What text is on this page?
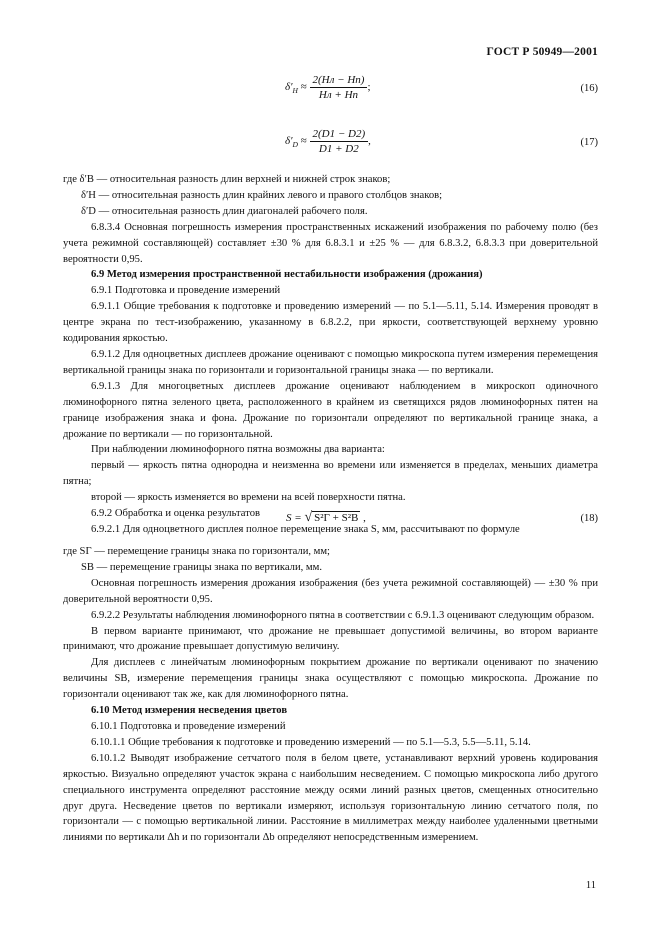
ГОСТ Р 50949—2001
$\delta'_H \approx \frac{2(Hл - Hп)}{Hл + Hп}$ ;	(16)
$\delta'_D \approx \frac{2(D1 - D2)}{D1 + D2}$ ,	(17)

где δ′B — относительная разность длин верхней и нижней строк знаков;

δ′H — относительная разность длин крайних левого и правого столбцов знаков;

δ′D — относительная разность длин диагоналей рабочего поля.

6.8.3.4 Основная погрешность измерения пространственных искажений изображения по рабочему полю (без учета режимной составляющей) составляет ±30 % для 6.8.3.1 и ±25 % — для 6.8.3.2, 6.8.3.3 при доверительной вероятности 0,95.

6.9 Метод измерения пространственной нестабильности изображения (дрожания)

6.9.1 Подготовка и проведение измерений

6.9.1.1 Общие требования к подготовке и проведению измерений — по 5.1—5.11, 5.14. Измерения проводят в центре экрана по тест-изображению, указанному в 6.8.2.2, при яркости, соответствующей верхнему уровню кодирования яркостью.

6.9.1.2 Для одноцветных дисплеев дрожание оценивают с помощью микроскопа путем измерения перемещения вертикальной границы знака по горизонтали и горизонтальной границы знака — по вертикали.

6.9.1.3 Для многоцветных дисплеев дрожание оценивают наблюдением в микроскоп одиночного люминофорного пятна зеленого цвета, расположенного в крайнем из светящихся рядов люминофорных пятен на границе изображения знака и фона. Дрожание по горизонтали определяют по вертикальной границе знака, а дрожание по вертикали — по горизонтальной.

При наблюдении люминофорного пятна возможны два варианта:

первый — яркость пятна однородна и неизменна во времени или изменяется в пределах, меньших диаметра пятна;

второй — яркость изменяется во времени на всей поверхности пятна.

6.9.2 Обработка и оценка результатов

6.9.2.1 Для одноцветного дисплея полное перемещение знака S, мм, рассчитывают по формуле

S = √ S²Г + S²В ,	(18)

где SГ — перемещение границы знака по горизонтали, мм;

SВ — перемещение границы знака по вертикали, мм.

Основная погрешность измерения дрожания изображения (без учета режимной составляющей) — ±30 % при доверительной вероятности 0,95.

6.9.2.2 Результаты наблюдения люминофорного пятна в соответствии с 6.9.1.3 оценивают следующим образом.

В первом варианте принимают, что дрожание не превышает допустимой величины, во втором варианте принимают, что дрожание превышает допустимую величину.

Для дисплеев с линейчатым люминофорным покрытием дрожание по вертикали оценивают по значению величины SВ, измерение перемещения границы знака осуществляют с помощью микроскопа. Дрожание по горизонтали оценивают так же, как для люминофорного пятна.

6.10 Метод измерения несведения цветов

6.10.1 Подготовка и проведение измерений

6.10.1.1 Общие требования к подготовке и проведению измерений — по 5.1—5.3, 5.5—5.11, 5.14.

6.10.1.2 Выводят изображение сетчатого поля в белом цвете, устанавливают верхний уровень кодирования яркостью. Визуально определяют участок экрана с наибольшим несведением. С помощью микроскопа либо другого специального инструмента определяют расстояние между осями линий разных цветов, смещенных относительно друг друга. Несведение цветов по вертикали измеряют, используя горизонтальную линию сетчатого поля, по горизонтали — с помощью вертикальной линии. Расстояние в миллиметрах между наиболее удаленными цветными линиями по вертикали Δh и по горизонтали Δb определяют непосредственным измерением.

11
